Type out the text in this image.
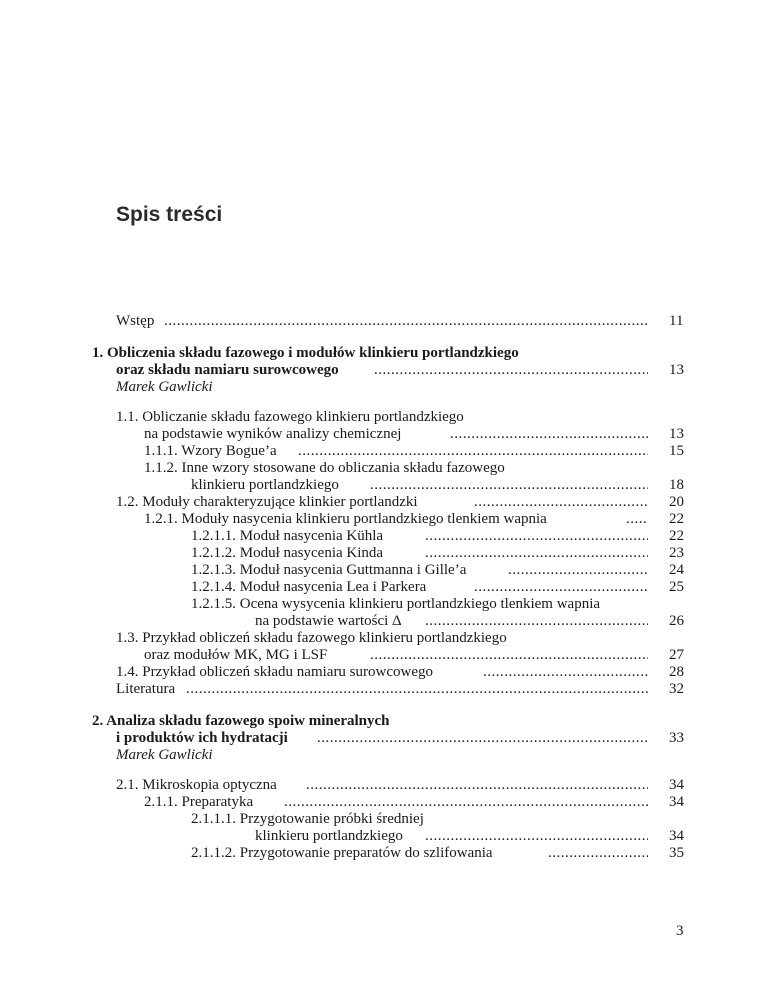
Spis treści
Wstęp .....	11
1. Obliczenia składu fazowego i modułów klinkieru portlandzkiego
oraz składu namiaru surowcowego .....	13
Marek Gawlicki
1.1. Obliczanie składu fazowego klinkieru portlandzkiego
na podstawie wyników analizy chemicznej .....	13
1.1.1. Wzory Bogue’a .....	15
1.1.2. Inne wzory stosowane do obliczania składu fazowego
klinkieru portlandzkiego .....	18
1.2. Moduły charakteryzujące klinkier portlandzki .....	20
1.2.1. Moduły nasycenia klinkieru portlandzkiego tlenkiem wapnia .....	22
1.2.1.1. Moduł nasycenia Kühla .....	22
1.2.1.2. Moduł nasycenia Kinda .....	23
1.2.1.3. Moduł nasycenia Guttmanna i Gille’a .....	24
1.2.1.4. Moduł nasycenia Lea i Parkera .....	25
1.2.1.5. Ocena wysycenia klinkieru portlandzkiego tlenkiem wapnia
na podstawie wartości Δ .....	26
1.3. Przykład obliczeń składu fazowego klinkieru portlandzkiego
oraz modułów MK, MG i LSF .....	27
1.4. Przykład obliczeń składu namiaru surowcowego .....	28
Literatura .....	32
2. Analiza składu fazowego spoiw mineralnych
i produktów ich hydratacji .....	33
Marek Gawlicki
2.1. Mikroskopia optyczna .....	34
2.1.1. Preparatyka .....	34
2.1.1.1. Przygotowanie próbki średniej
klinkieru portlandzkiego .....	34
2.1.1.2. Przygotowanie preparatów do szlifowania .....	35
3
